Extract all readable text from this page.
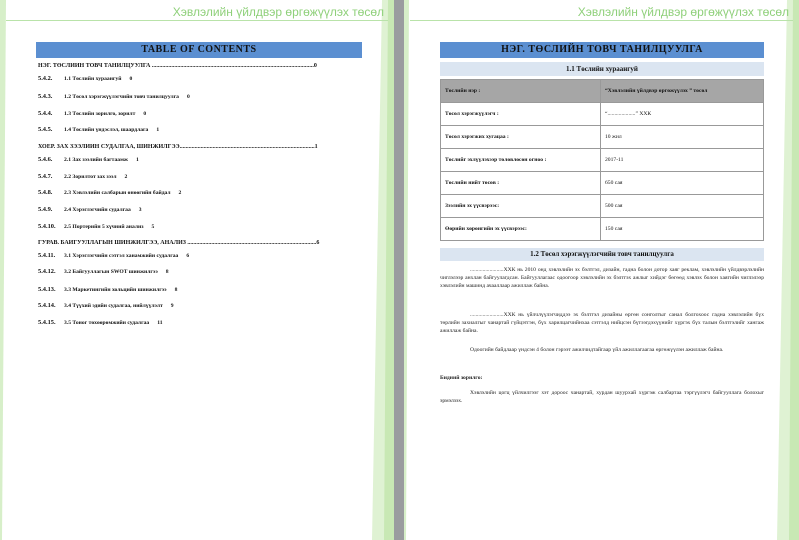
Хэвлэлийн үйлдвэр өргөжүүлэх төсөл
TABLE OF CONTENTS
НЭГ. ТӨСЛИЙН ТОВЧ ТАНИЛЦУУЛГА ............................................................................................................0
5.4.2. 1.1 Төслийн хураангуй 0
5.4.3. 1.2 Төсөл хэрэгжүүлэгчийн товч танилцуулга 0
5.4.4. 1.3 Төслийн зорилго, зорилт 0
5.4.5. 1.4 Төслийн үндэслэл, шаардлага 1
ХОЁР. ЗАХ ЗЭЭЛИЙН СУДАЛГАА, ШИНЖИЛГЭЭ..........................................................................................1
5.4.6. 2.1 Зах зээлийн багтаамж 1
5.4.7. 2.2 Зорилтот зах зээл 2
5.4.8. 2.3 Хэвлэлийн салбарын өнөөгийн байдал 2
5.4.9. 2.4 Хэрэглэгчийн судалгаа 3
5.4.10. 2.5 Портерийн 5 хүчний анализ 5
ГУРАВ. БАЙГУУЛЛАГЫН ШИНЖИЛГЭЭ, АНАЛИЗ ......................................................................................6
5.4.11. 3.1 Хэрэглэгчийн сэтгэл ханамжийн судалгаа 6
5.4.12. 3.2 Байгууллагын SWOT шинжилгээ 8
5.4.13. 3.3 Маркетингийн хольцийн шинжилгээ 8
5.4.14. 3.4 Түүхий эдийн судалгаа, нийлүүлэлт 9
5.4.15. 3.5 Тоног төхөөрөмжийн судалгаа 11
Хэвлэлийн үйлдвэр өргөжүүлэх төсөл
НЭГ. ТӨСЛИЙН ТОВЧ ТАНИЛЦУУЛГА
1.1 Төслийн хураангуй
Төслийн нэр :	“Хэвлэлийн үйлдвэр өргөжүүлэх ” төсөл
Төсөл хэрэгжүүлэгч :	“....................” ХХК
Төсөл хэрэгжих хугацаа :	10 жил
Төслийг эхлүүлэхээр төлөвлөсөн огноо :	2017-11
Төслийн нийт төсөв :	650 сая
Зээлийн эх үүсвэрээс:	500 сая
Өөрийн хөрөнгийн эх үүсвэрээс:	150 сая
1.2 Төсөл хэрэгжүүлэгчийн товч танилцуулга
........................ХХК нь 2010 онд хэвлэлийн эх бэлтгэл, дизайн, гадна болон дотор хаяг реклам, хэвлэлийн үйлдвэрлэлийн чиглэлээр анхлан байгуулагдсан. Байгууллагаас одоогоор хэвлэлийн эх бэлтгэх ажлыг хийдэг бөгөөд хэвлэх болон хаягийн чиглэлээр хэвлэлийн машинд ачааллаар ажиллаж байна.
........................ХХК нь үйлчлүүлэгчиддээ эх бэлтгэл дизайны өргөн сонголтыг санал болгохоос гадна хэвлэлийн бүх төрлийн захиалгыг чанартай гүйцэтгэн, бүх харилцагчийнхаа сэтгэлд нийцсэн бүтээгдэхүүнийг хүргэх бүх талын бэлтгэлийг хангаж ажиллаж байна.
Одоогийн байдлаар үндсэн 4 болон гэрээт ажилчидтайгаар үйл ажиллагаагаа өргөжүүлэн ажиллаж байна.
Бидний зорилго:
Хэвлэлийн цогц үйлчилгээг хэт дороос чанартай, хурдан шуурхай хүргэж салбартаа тэргүүлэгч байгууллага болохыг эрмэлзэх.
